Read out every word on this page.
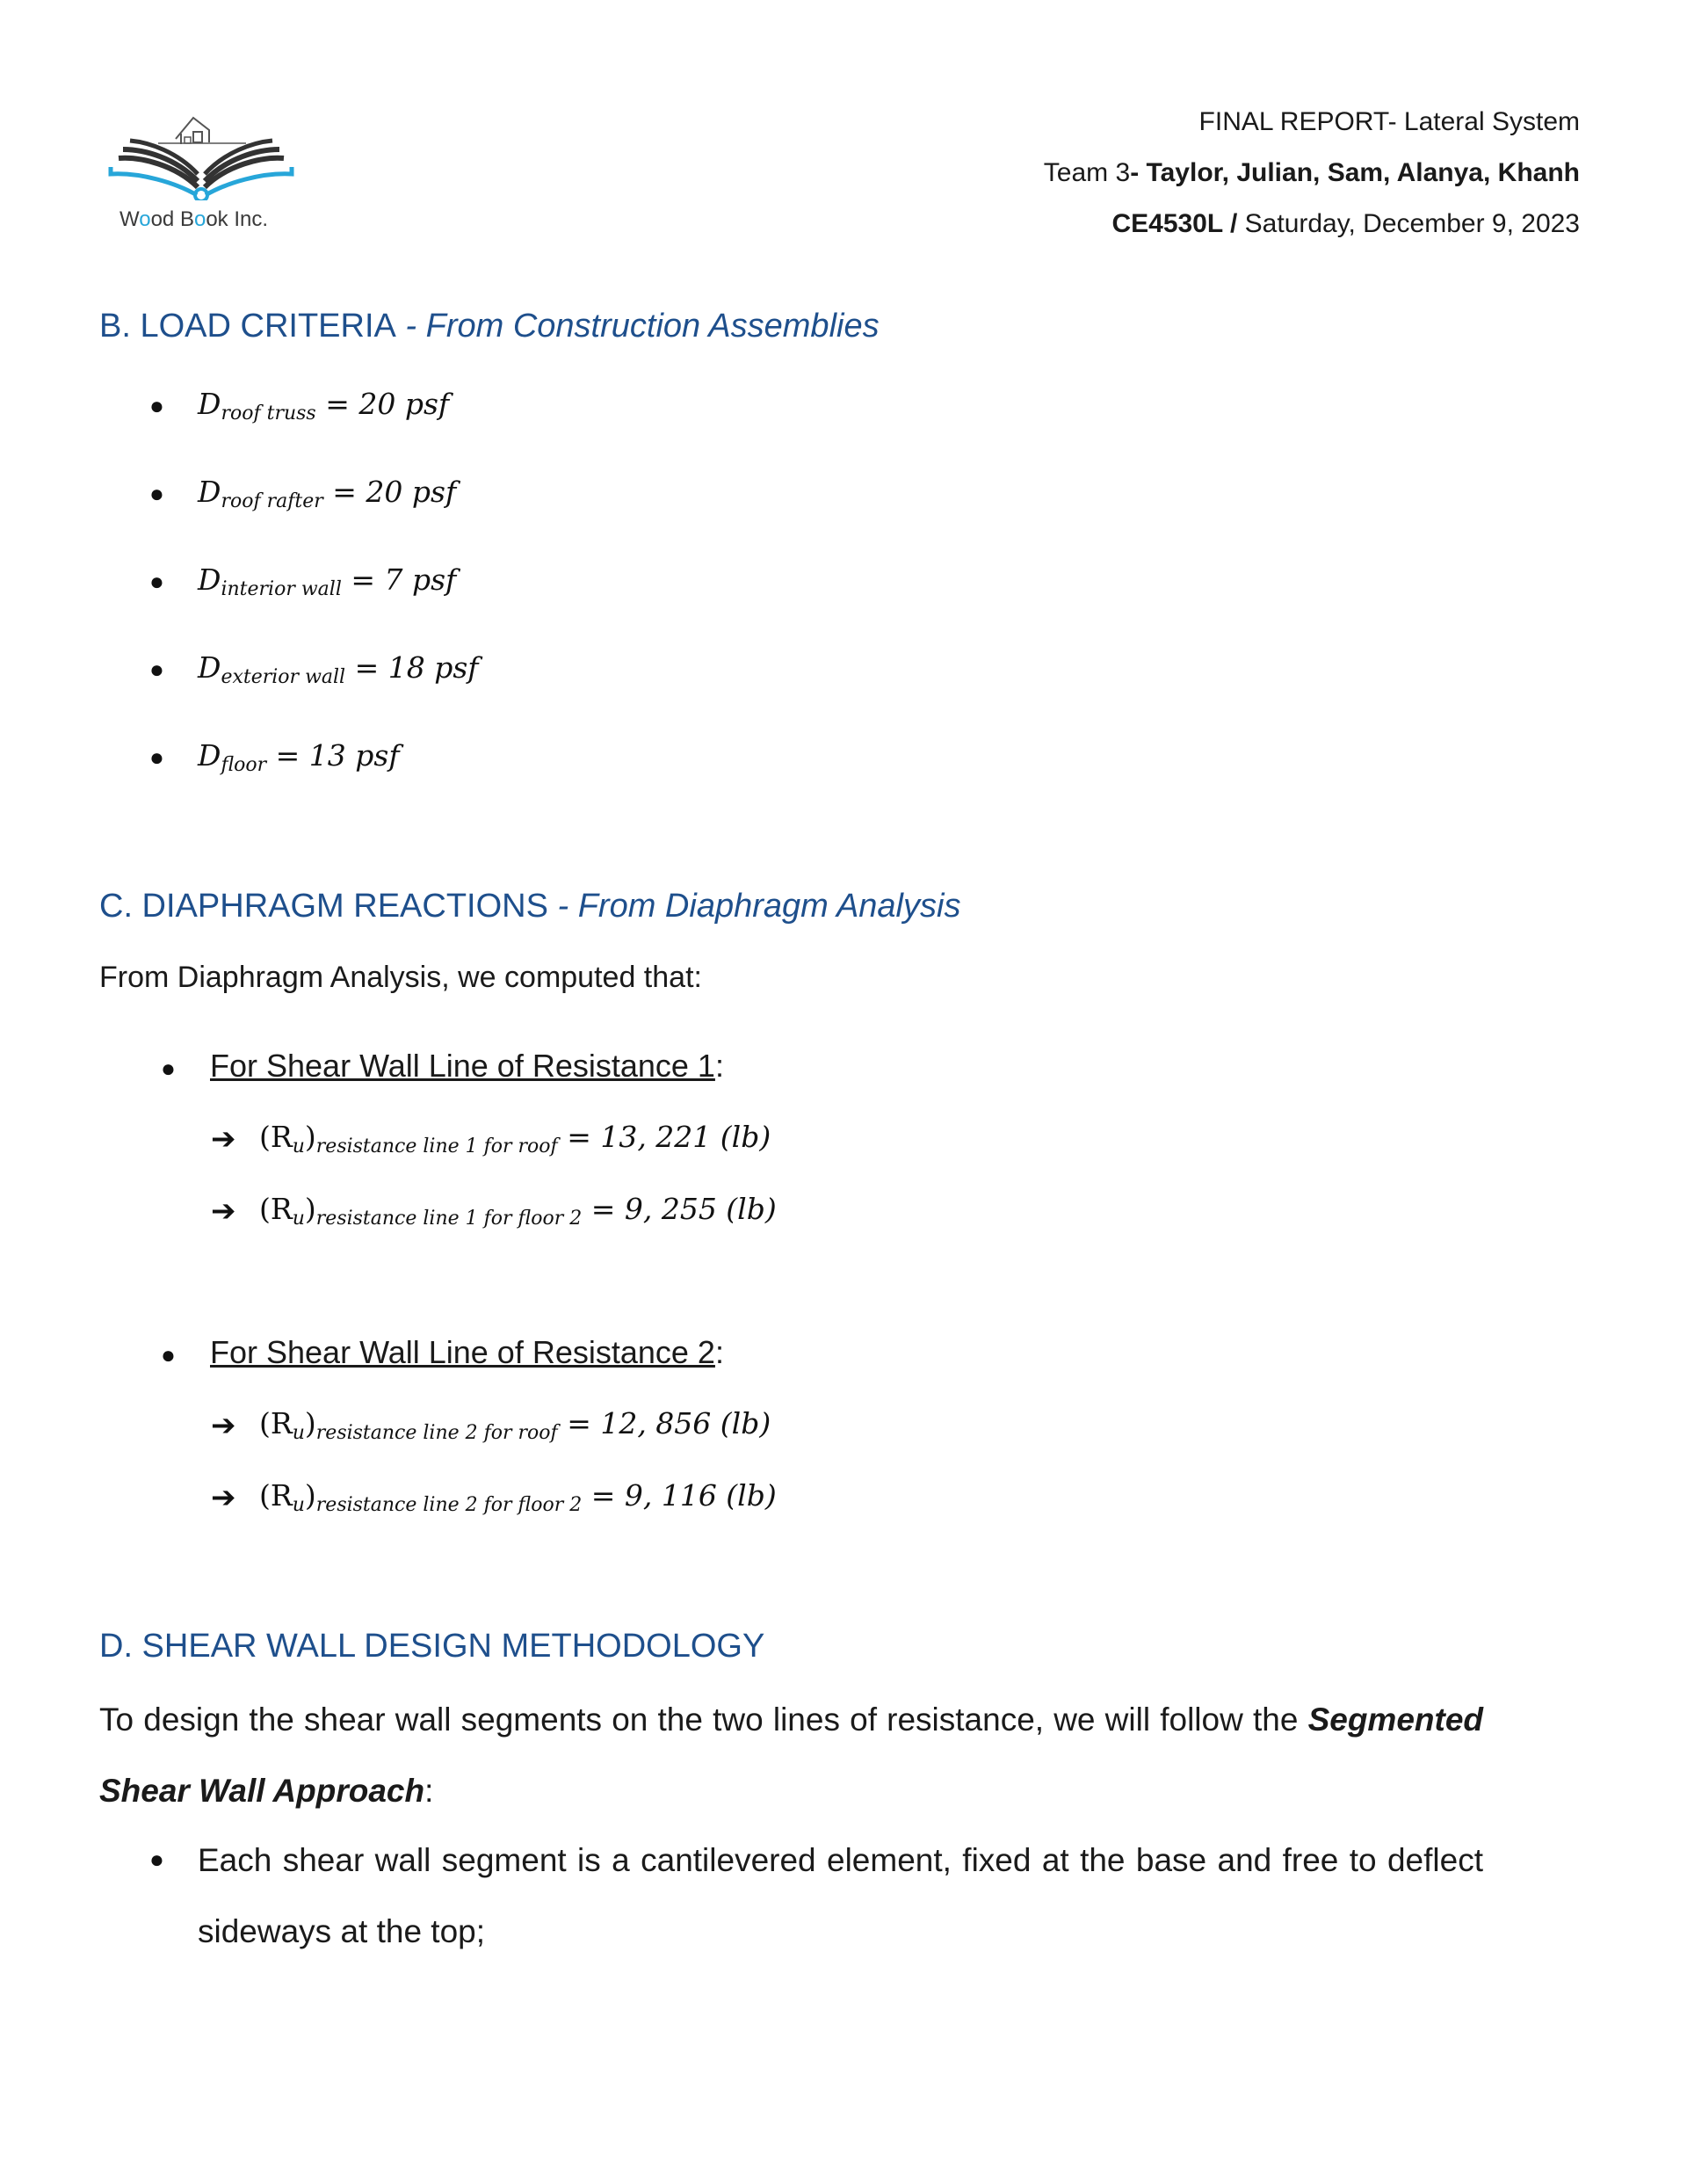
Wood Book Inc.
FINAL REPORT- Lateral System
Team 3- Taylor, Julian, Sam, Alanya, Khanh
CE4530L / Saturday, December 9, 2023
B. LOAD CRITERIA - From Construction Assemblies
● $D_{roof truss} = 20$ psf
● $D_{roof rafter} = 20$ psf
● $D_{interior wall} = 7$ psf
● $D_{exterior wall} = 18$ psf
● $D_{floor} = 13$ psf
C. DIAPHRAGM REACTIONS - From Diaphragm Analysis
From Diaphragm Analysis, we computed that:
● For Shear Wall Line of Resistance 1:
➔ $(R_u)_{resistance line 1 for roof} = 13$, 221 (lb)
➔ $(R_u)_{resistance line 1 for floor 2} = 9$, 255 (lb)
● For Shear Wall Line of Resistance 2:
➔ $(R_u)_{resistance line 2 for roof} = 12$, 856 (lb)
➔ $(R_u)_{resistance line 2 for floor 2} = 9$, 116 (lb)
D. SHEAR WALL DESIGN METHODOLOGY
To design the shear wall segments on the two lines of resistance, we will follow the Segmented
Shear Wall Approach:
● Each shear wall segment is a cantilevered element, fixed at the base and free to deflect
sideways at the top;
